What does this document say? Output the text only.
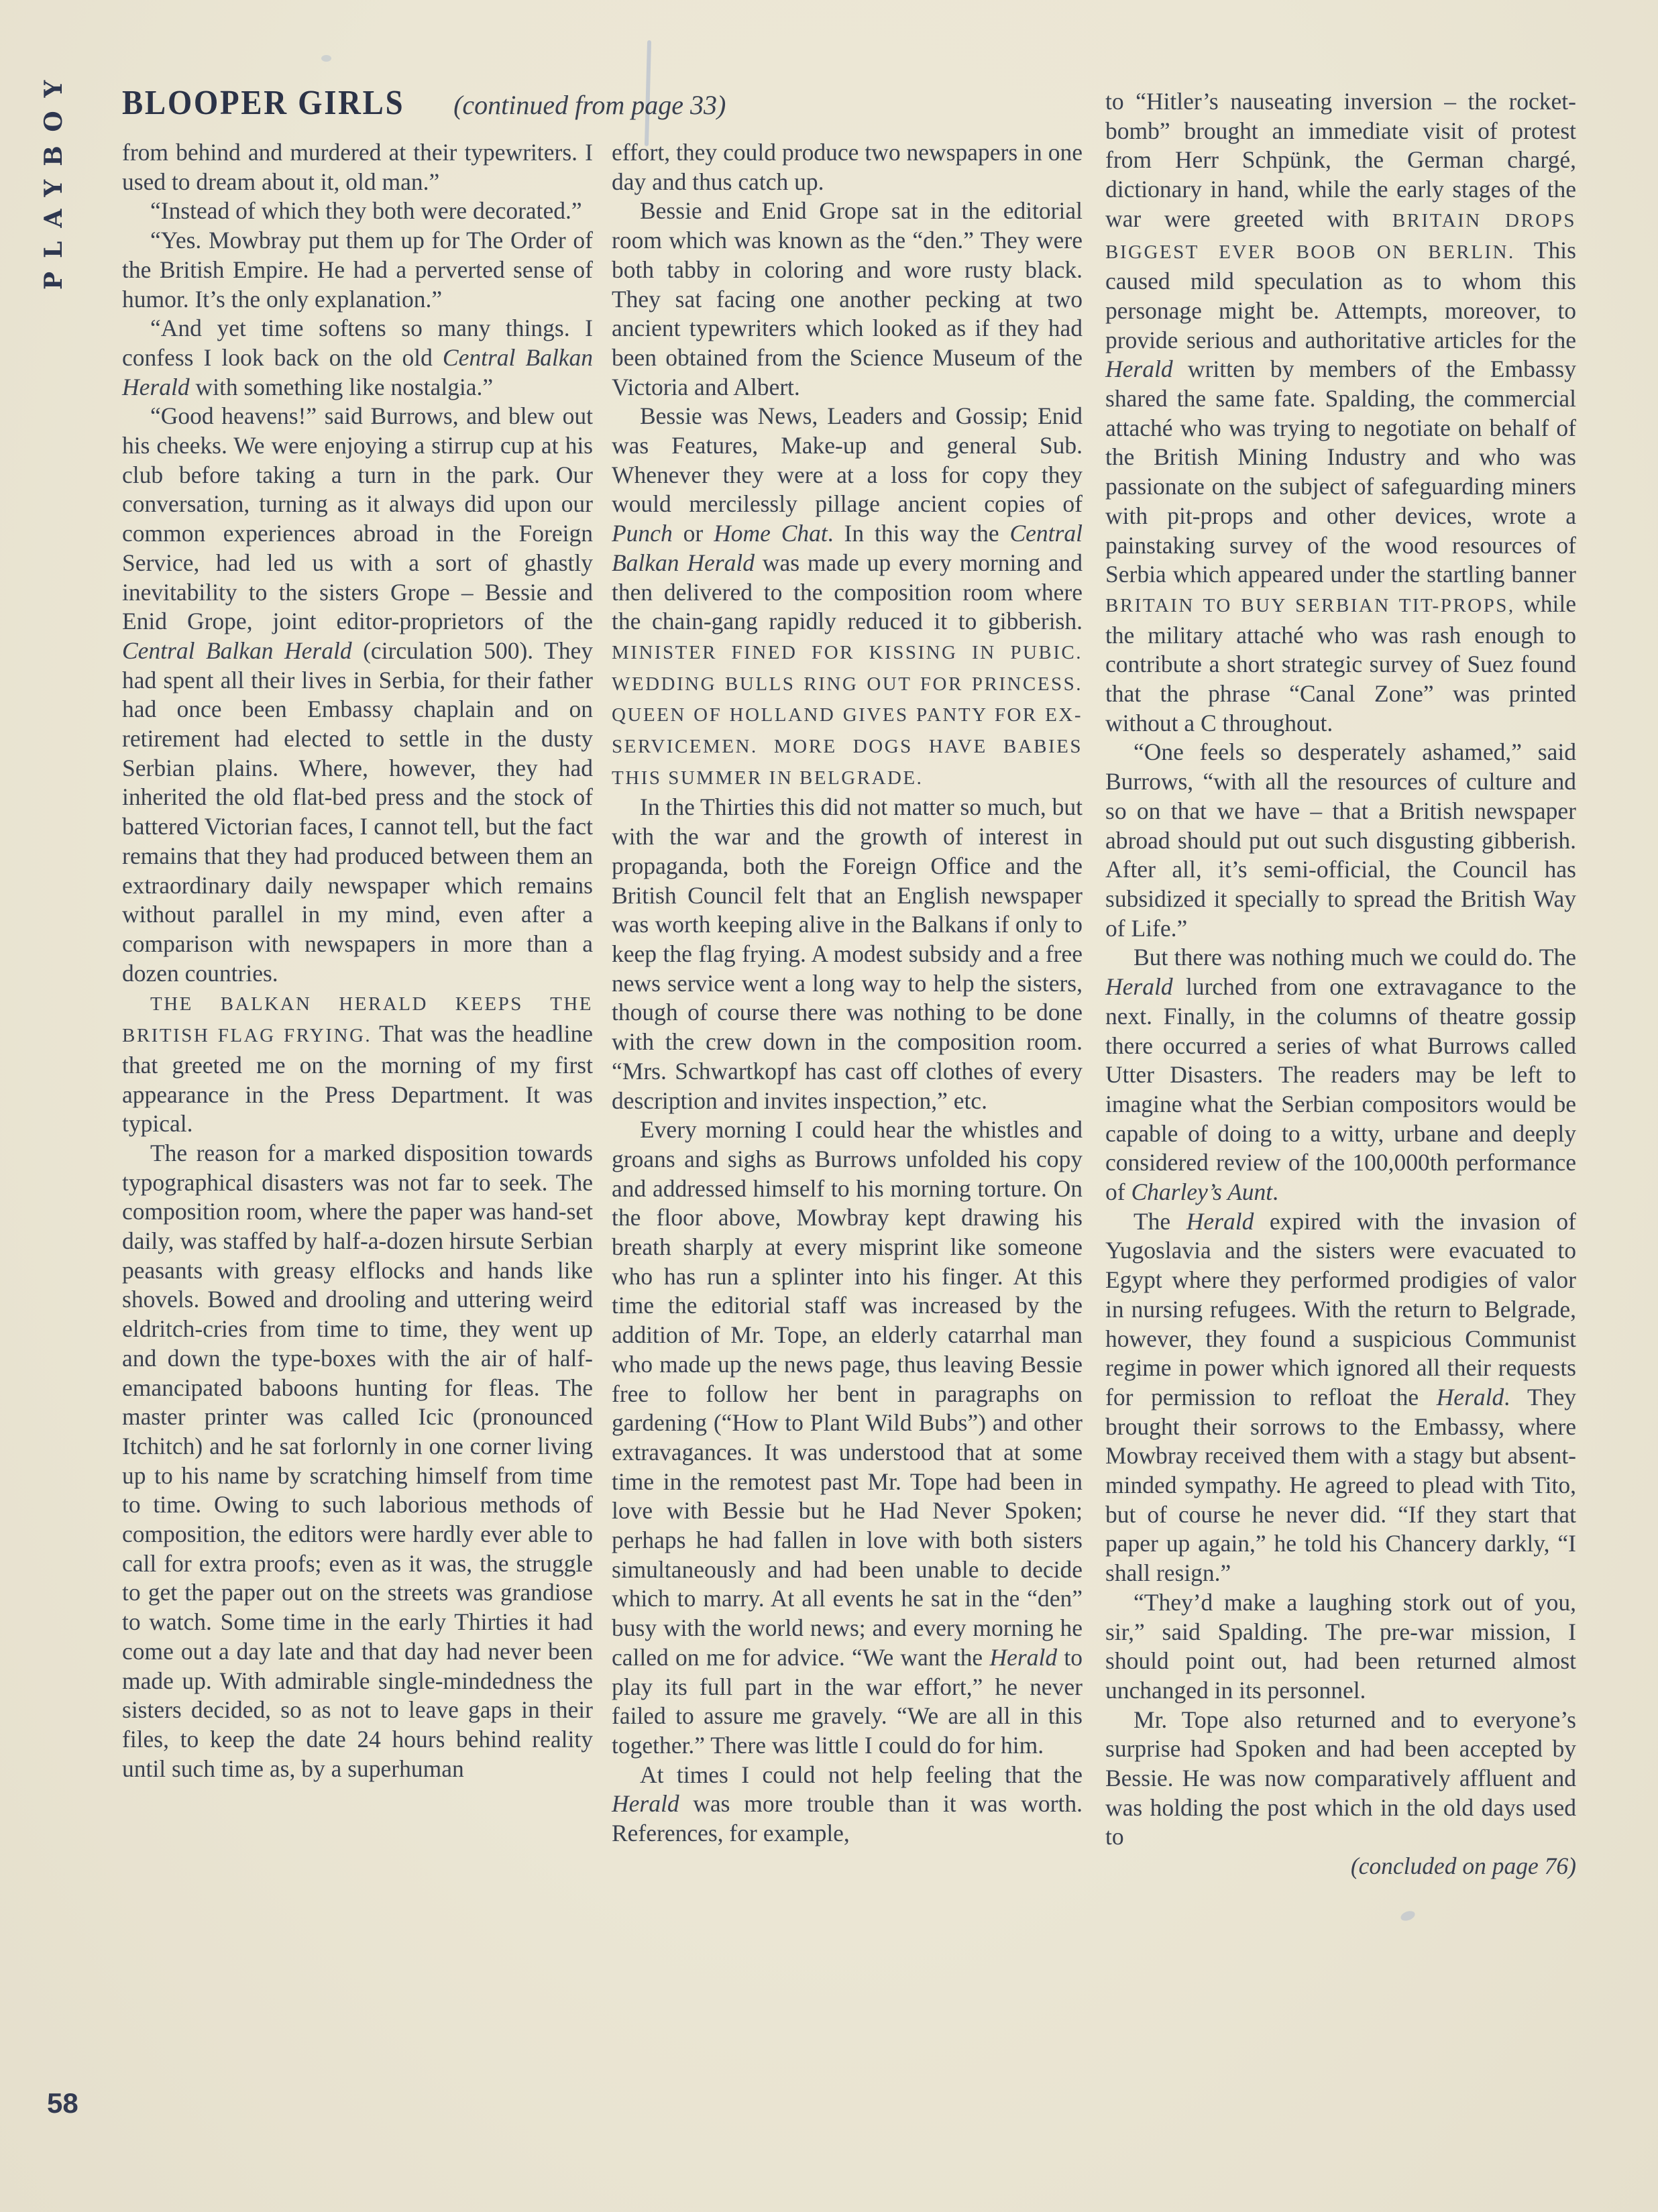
PLAYBOY BLOOPER GIRLS (continued from page 33)

from behind and murdered at their typewriters. I used to dream about it, old man.”

“Instead of which they both were decorated.”

“Yes. Mowbray put them up for The Order of the British Empire. He had a perverted sense of humor. It’s the only explanation.”

“And yet time softens so many things. I confess I look back on the old Central Balkan Herald with something like nostalgia.”

“Good heavens!” said Burrows, and blew out his cheeks. We were enjoying a stirrup cup at his club before taking a turn in the park. Our conversation, turning as it always did upon our common experiences abroad in the Foreign Service, had led us with a sort of ghastly inevitability to the sisters Grope – Bessie and Enid Grope, joint editor-proprietors of the Central Balkan Herald (circulation 500). They had spent all their lives in Serbia, for their father had once been Embassy chaplain and on retirement had elected to settle in the dusty Serbian plains. Where, however, they had inherited the old flat-bed press and the stock of battered Victorian faces, I cannot tell, but the fact remains that they had produced between them an extraordinary daily newspaper which remains without parallel in my mind, even after a comparison with newspapers in more than a dozen countries.

THE BALKAN HERALD KEEPS THE BRITISH FLAG FRYING. That was the headline that greeted me on the morning of my first appearance in the Press Department. It was typical.

The reason for a marked disposition towards typographical disasters was not far to seek. The composition room, where the paper was hand-set daily, was staffed by half-a-dozen hirsute Serbian peasants with greasy elflocks and hands like shovels. Bowed and drooling and uttering weird eldritch-cries from time to time, they went up and down the type-boxes with the air of half-emancipated baboons hunting for fleas. The master printer was called Icic (pronounced Itchitch) and he sat forlornly in one corner living up to his name by scratching himself from time to time. Owing to such laborious methods of composition, the editors were hardly ever able to call for extra proofs; even as it was, the struggle to get the paper out on the streets was grandiose to watch. Some time in the early Thirties it had come out a day late and that day had never been made up. With admirable single-mindedness the sisters decided, so as not to leave gaps in their files, to keep the date 24 hours behind reality until such time as, by a superhuman

effort, they could produce two newspapers in one day and thus catch up.

Bessie and Enid Grope sat in the editorial room which was known as the “den.” They were both tabby in coloring and wore rusty black. They sat facing one another pecking at two ancient typewriters which looked as if they had been obtained from the Science Museum of the Victoria and Albert.

Bessie was News, Leaders and Gossip; Enid was Features, Make-up and general Sub. Whenever they were at a loss for copy they would mercilessly pillage ancient copies of Punch or Home Chat. In this way the Central Balkan Herald was made up every morning and then delivered to the composition room where the chain-gang rapidly reduced it to gibberish. MINISTER FINED FOR KISSING IN PUBIC. WEDDING BULLS RING OUT FOR PRINCESS. QUEEN OF HOLLAND GIVES PANTY FOR EX-SERVICEMEN. MORE DOGS HAVE BABIES THIS SUMMER IN BELGRADE.

In the Thirties this did not matter so much, but with the war and the growth of interest in propaganda, both the Foreign Office and the British Council felt that an English newspaper was worth keeping alive in the Balkans if only to keep the flag frying. A modest subsidy and a free news service went a long way to help the sisters, though of course there was nothing to be done with the crew down in the composition room. “Mrs. Schwartkopf has cast off clothes of every description and invites inspection,” etc.

Every morning I could hear the whistles and groans and sighs as Burrows unfolded his copy and addressed himself to his morning torture. On the floor above, Mowbray kept drawing his breath sharply at every misprint like someone who has run a splinter into his finger. At this time the editorial staff was increased by the addition of Mr. Tope, an elderly catarrhal man who made up the news page, thus leaving Bessie free to follow her bent in paragraphs on gardening (“How to Plant Wild Bubs”) and other extravagances. It was understood that at some time in the remotest past Mr. Tope had been in love with Bessie but he Had Never Spoken; perhaps he had fallen in love with both sisters simultaneously and had been unable to decide which to marry. At all events he sat in the “den” busy with the world news; and every morning he called on me for advice. “We want the Herald to play its full part in the war effort,” he never failed to assure me gravely. “We are all in this together.” There was little I could do for him.

At times I could not help feeling that the Herald was more trouble than it was worth. References, for example,

to “Hitler’s nauseating inversion – the rocket-bomb” brought an immediate visit of protest from Herr Schpünk, the German chargé, dictionary in hand, while the early stages of the war were greeted with BRITAIN DROPS BIGGEST EVER BOOB ON BERLIN. This caused mild speculation as to whom this personage might be. Attempts, moreover, to provide serious and authoritative articles for the Herald written by members of the Embassy shared the same fate. Spalding, the commercial attaché who was trying to negotiate on behalf of the British Mining Industry and who was passionate on the subject of safeguarding miners with pit-props and other devices, wrote a painstaking survey of the wood resources of Serbia which appeared under the startling banner BRITAIN TO BUY SERBIAN TIT-PROPS, while the military attaché who was rash enough to contribute a short strategic survey of Suez found that the phrase “Canal Zone” was printed without a C throughout.

“One feels so desperately ashamed,” said Burrows, “with all the resources of culture and so on that we have – that a British newspaper abroad should put out such disgusting gibberish. After all, it’s semi-official, the Council has subsidized it specially to spread the British Way of Life.”

But there was nothing much we could do. The Herald lurched from one extravagance to the next. Finally, in the columns of theatre gossip there occurred a series of what Burrows called Utter Disasters. The readers may be left to imagine what the Serbian compositors would be capable of doing to a witty, urbane and deeply considered review of the 100,000th performance of Charley’s Aunt.

The Herald expired with the invasion of Yugoslavia and the sisters were evacuated to Egypt where they performed prodigies of valor in nursing refugees. With the return to Belgrade, however, they found a suspicious Communist regime in power which ignored all their requests for permission to refloat the Herald. They brought their sorrows to the Embassy, where Mowbray received them with a stagy but absent-minded sympathy. He agreed to plead with Tito, but of course he never did. “If they start that paper up again,” he told his Chancery darkly, “I shall resign.”

“They’d make a laughing stork out of you, sir,” said Spalding. The pre-war mission, I should point out, had been returned almost unchanged in its personnel.

Mr. Tope also returned and to everyone’s surprise had Spoken and had been accepted by Bessie. He was now comparatively affluent and was holding the post which in the old days used to

(concluded on page 76)

58
